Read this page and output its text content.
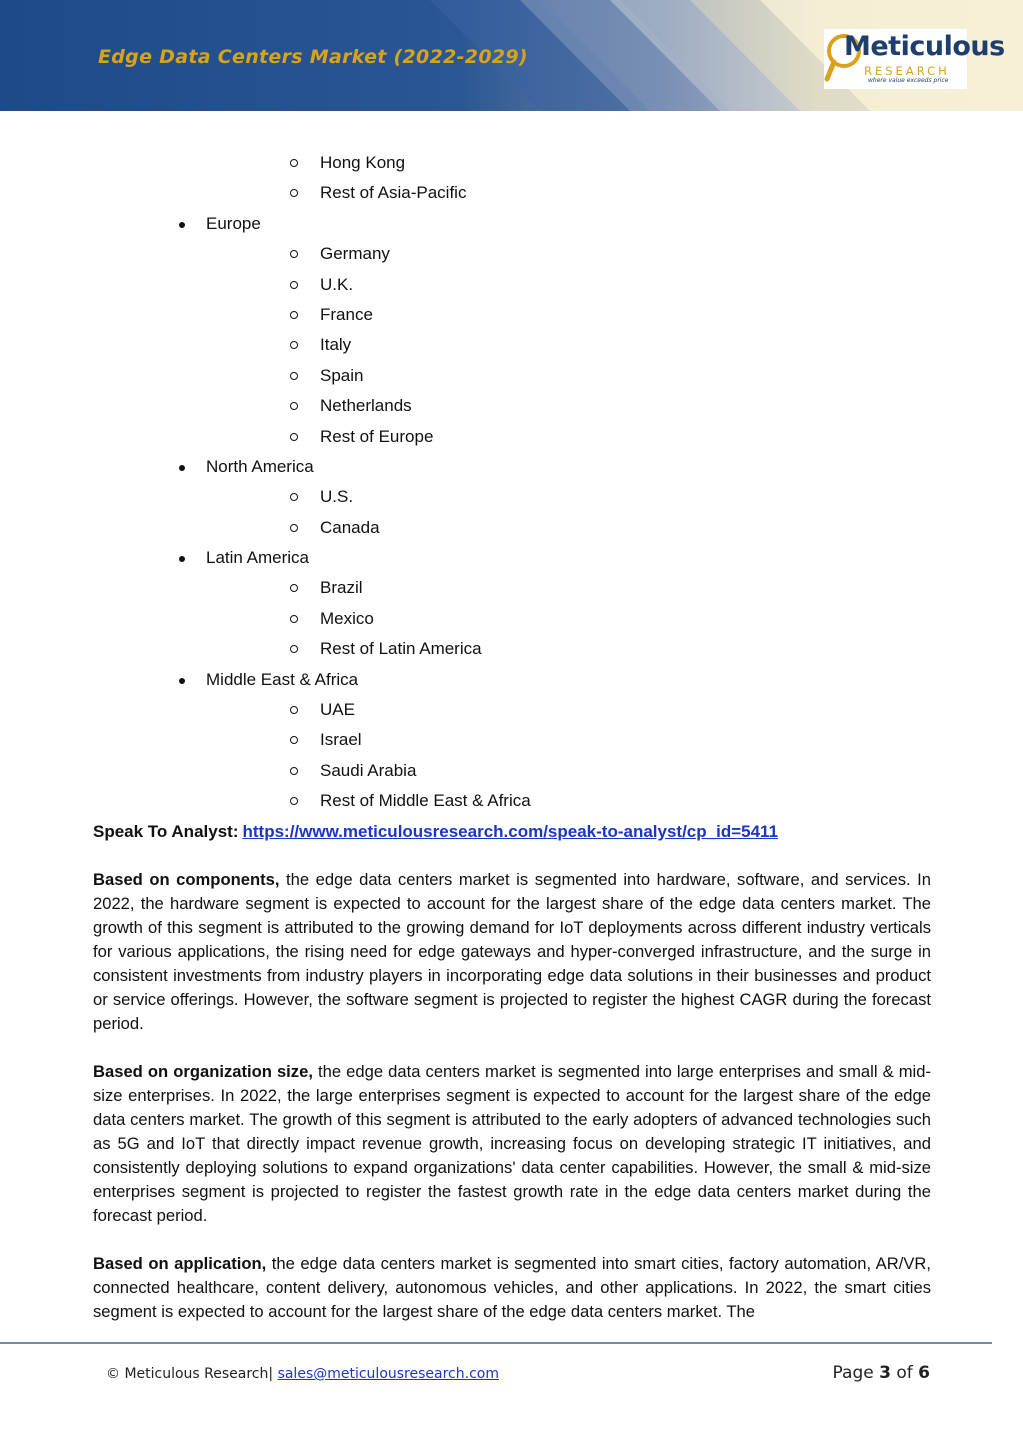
Edge Data Centers Market (2022-2029)	Meticulous
RESEARCH
where value exceeds price
Hong Kong
Rest of Asia-Pacific
Europe
Germany
U.K.
France
Italy
Spain
Netherlands
Rest of Europe
North America
U.S.
Canada
Latin America
Brazil
Mexico
Rest of Latin America
Middle East & Africa
UAE
Israel
Saudi Arabia
Rest of Middle East & Africa
Speak To Analyst: https://www.meticulousresearch.com/speak-to-analyst/cp_id=5411

Based on components, the edge data centers market is segmented into hardware, software, and services. In 2022, the hardware segment is expected to account for the largest share of the edge data centers market. The growth of this segment is attributed to the growing demand for IoT deployments across different industry verticals for various applications, the rising need for edge gateways and hyper-converged infrastructure, and the surge in consistent investments from industry players in incorporating edge data solutions in their businesses and product or service offerings. However, the software segment is projected to register the highest CAGR during the forecast period.

Based on organization size, the edge data centers market is segmented into large enterprises and small & mid-size enterprises. In 2022, the large enterprises segment is expected to account for the largest share of the edge data centers market. The growth of this segment is attributed to the early adopters of advanced technologies such as 5G and IoT that directly impact revenue growth, increasing focus on developing strategic IT initiatives, and consistently deploying solutions to expand organizations' data center capabilities. However, the small & mid-size enterprises segment is projected to register the fastest growth rate in the edge data centers market during the forecast period.

Based on application, the edge data centers market is segmented into smart cities, factory automation, AR/VR, connected healthcare, content delivery, autonomous vehicles, and other applications. In 2022, the smart cities segment is expected to account for the largest share of the edge data centers market. The

© Meticulous Research| sales@meticulousresearch.com	Page 3 of 6
